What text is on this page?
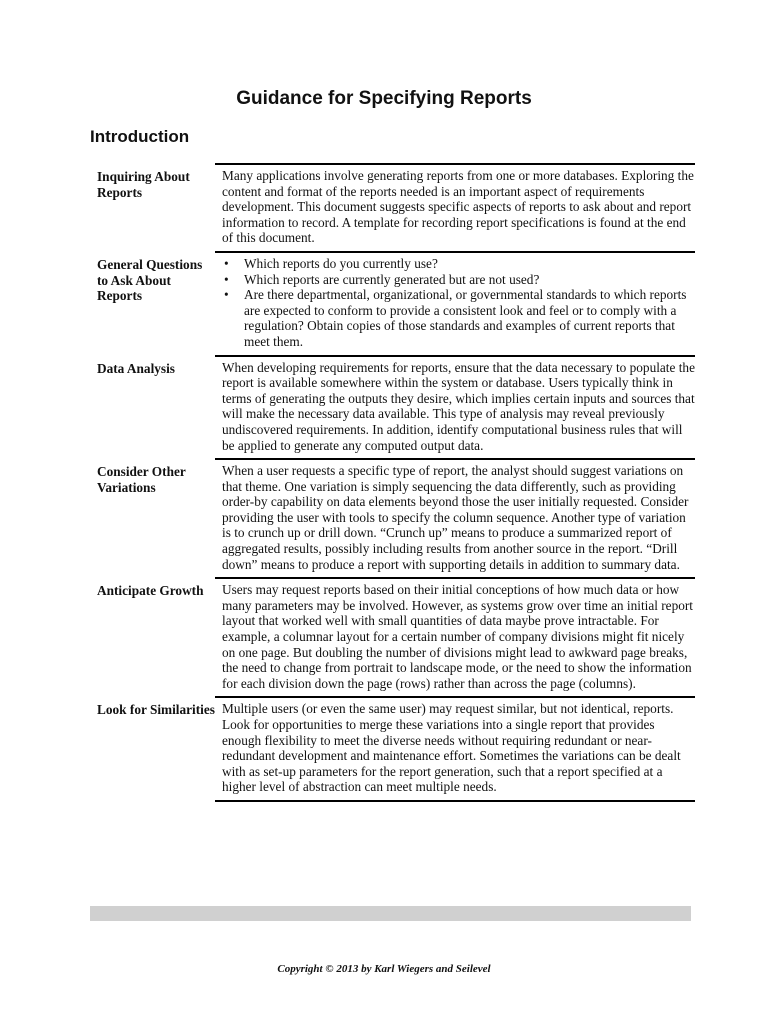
Guidance for Specifying Reports
Introduction
Inquiring About Reports
Many applications involve generating reports from one or more databases. Exploring the content and format of the reports needed is an important aspect of requirements development. This document suggests specific aspects of reports to ask about and report information to record. A template for recording report specifications is found at the end of this document.
General Questions to Ask About Reports
• Which reports do you currently use?
• Which reports are currently generated but are not used?
• Are there departmental, organizational, or governmental standards to which reports are expected to conform to provide a consistent look and feel or to comply with a regulation? Obtain copies of those standards and examples of current reports that meet them.
Data Analysis	When developing requirements for reports, ensure that the data necessary to populate the report is available somewhere within the system or database. Users typically think in terms of generating the outputs they desire, which implies certain inputs and sources that will make the necessary data available. This type of analysis may reveal previously undiscovered requirements. In addition, identify computational business rules that will be applied to generate any computed output data.
Consider Other Variations
When a user requests a specific type of report, the analyst should suggest variations on that theme. One variation is simply sequencing the data differently, such as providing order-by capability on data elements beyond those the user initially requested. Consider providing the user with tools to specify the column sequence. Another type of variation is to crunch up or drill down. “Crunch up” means to produce a summarized report of aggregated results, possibly including results from another source in the report. “Drill down” means to produce a report with supporting details in addition to summary data.
Anticipate Growth	Users may request reports based on their initial conceptions of how much data or how many parameters may be involved. However, as systems grow over time an initial report layout that worked well with small quantities of data maybe prove intractable. For example, a columnar layout for a certain number of company divisions might fit nicely on one page. But doubling the number of divisions might lead to awkward page breaks, the need to change from portrait to landscape mode, or the need to show the information for each division down the page (rows) rather than across the page (columns).
Look for Similarities Multiple users (or even the same user) may request similar, but not identical, reports. Look for opportunities to merge these variations into a single report that provides enough flexibility to meet the diverse needs without requiring redundant or near-redundant development and maintenance effort. Sometimes the variations can be dealt with as set-up parameters for the report generation, such that a report specified at a higher level of abstraction can meet multiple needs.
Copyright © 2013 by Karl Wiegers and Seilevel
